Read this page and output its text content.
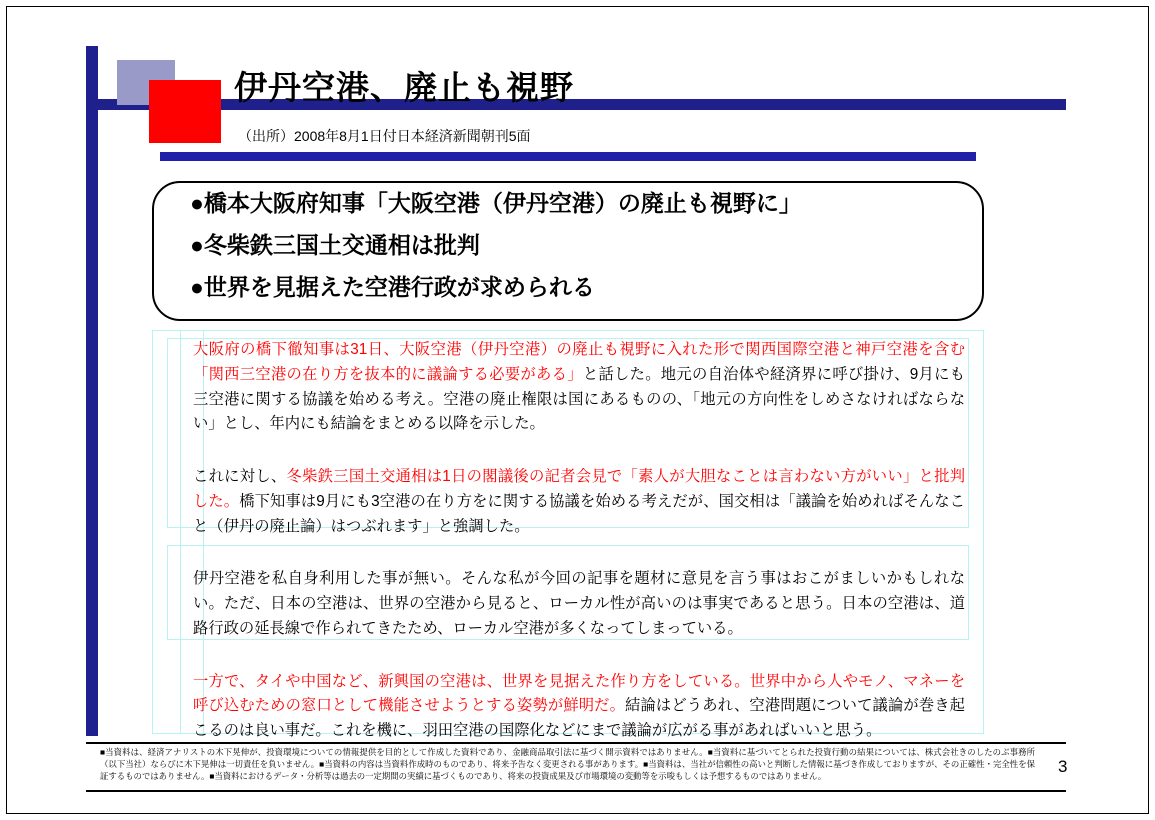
伊丹空港、廃止も視野
（出所）2008年8月1日付日本経済新聞朝刊5面
●橋本大阪府知事「大阪空港（伊丹空港）の廃止も視野に」
●冬柴鉄三国土交通相は批判
●世界を見据えた空港行政が求められる

大阪府の橋下徹知事は31日、大阪空港（伊丹空港）の廃止も視野に入れた形で関西国際空港と神戸空港を含む「関西三空港の在り方を抜本的に議論する必要がある」と話した。地元の自治体や経済界に呼び掛け、9月にも三空港に関する協議を始める考え。空港の廃止権限は国にあるものの、「地元の方向性をしめさなければならない」とし、年内にも結論をまとめる以降を示した。

これに対し、冬柴鉄三国土交通相は1日の閣議後の記者会見で「素人が大胆なことは言わない方がいい」と批判した。橋下知事は9月にも3空港の在り方をに関する協議を始める考えだが、国交相は「議論を始めればそんなこと（伊丹の廃止論）はつぶれます」と強調した。

伊丹空港を私自身利用した事が無い。そんな私が今回の記事を題材に意見を言う事はおこがましいかもしれない。ただ、日本の空港は、世界の空港から見ると、ローカル性が高いのは事実であると思う。日本の空港は、道路行政の延長線で作られてきたため、ローカル空港が多くなってしまっている。

一方で、タイや中国など、新興国の空港は、世界を見据えた作り方をしている。世界中から人やモノ、マネーを呼び込むための窓口として機能させようとする姿勢が鮮明だ。結論はどうあれ、空港問題について議論が巻き起こるのは良い事だ。これを機に、羽田空港の国際化などにまで議論が広がる事があればいいと思う。

■当資料は、経済アナリストの木下晃伸が、投資環境についての情報提供を目的として作成した資料であり、金融商品取引法に基づく開示資料ではありません。■当資料に基づいてとられた投資行動の結果については、株式会社きのしたのぶ事務所（以下当社）ならびに木下晃伸は一切責任を負いません。■当資料の内容は当資料作成時のものであり、将来予告なく変更される事があります。■当資料は、当社が信頼性の高いと判断した情報に基づき作成しておりますが、その正確性・完全性を保証するものではありません。■当資料におけるデータ・分析等は過去の一定期間の実績に基づくものであり、将来の投資成果及び市場環境の変動等を示唆もしくは予想するものではありません。	3
